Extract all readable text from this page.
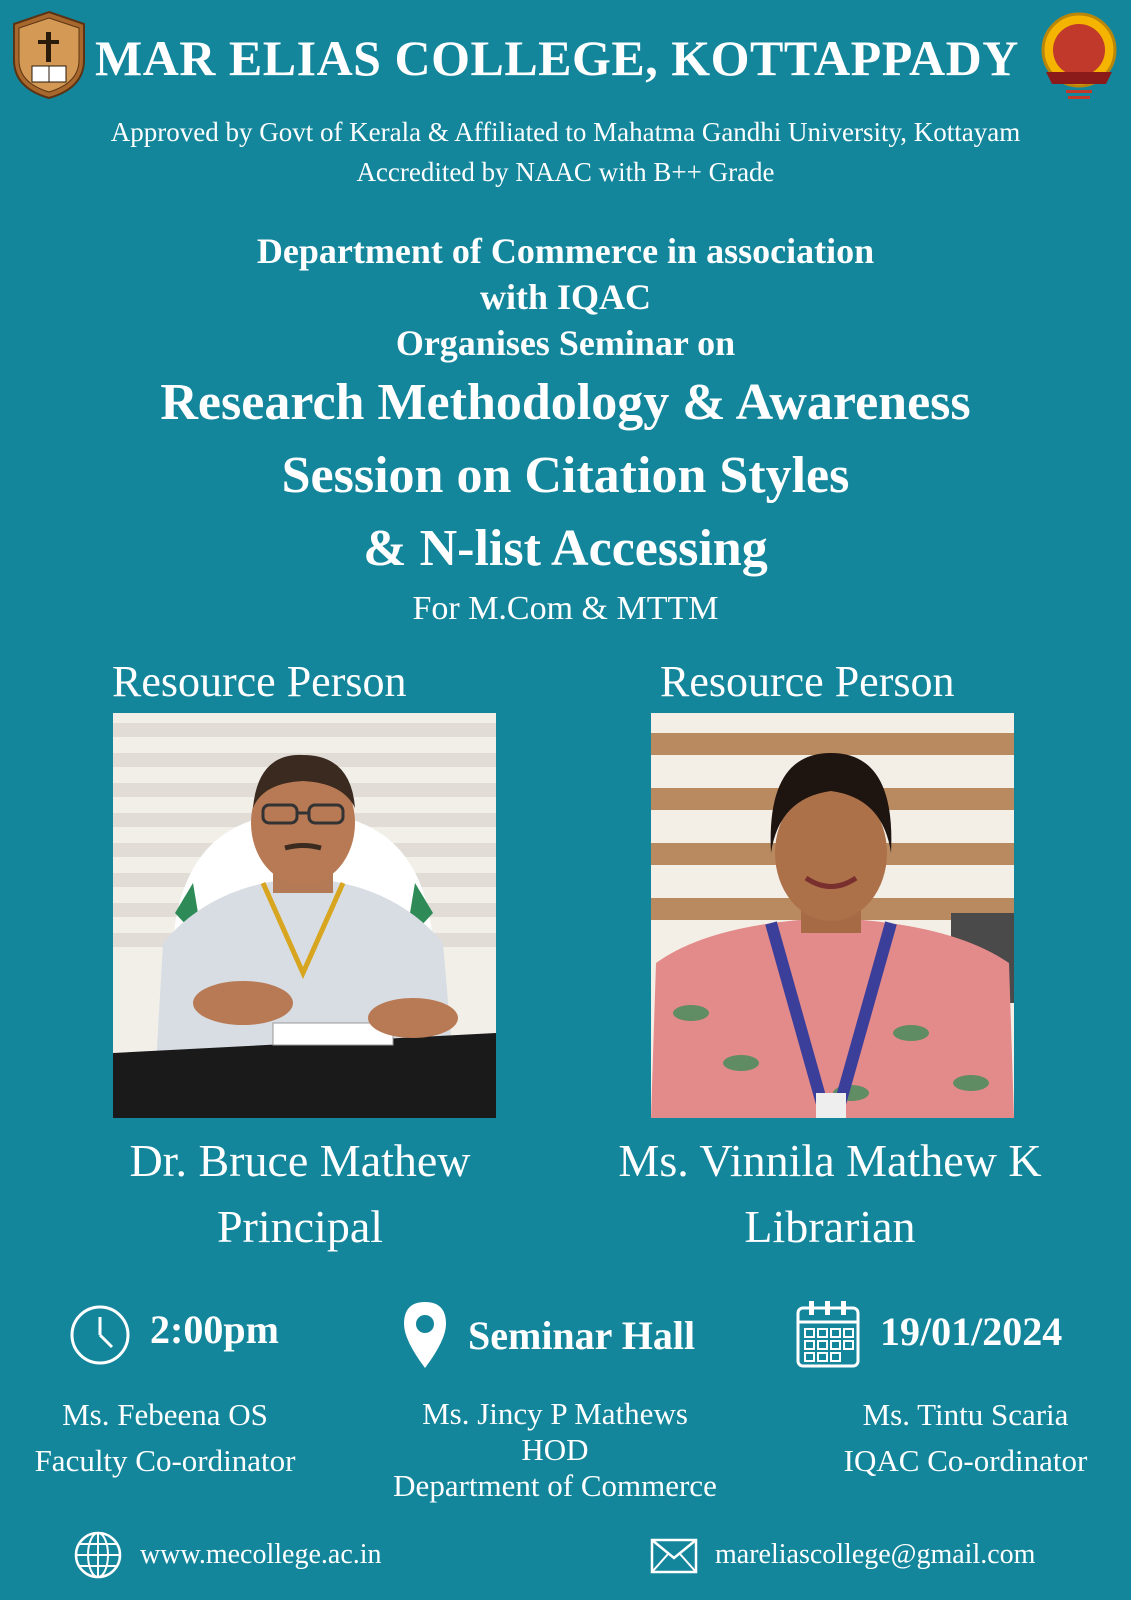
MAR ELIAS COLLEGE, KOTTAPPADY
Approved by Govt of Kerala & Affiliated to Mahatma Gandhi University, Kottayam
Accredited by NAAC with B++ Grade
Department of Commerce in association
with IQAC
Organises Seminar on
Research Methodology & Awareness
Session on Citation Styles
& N-list Accessing
For M.Com & MTTM
Resource Person	Resource Person
Dr. Bruce Mathew
Principal
Ms. Vinnila Mathew K
Librarian
2:00pm	Seminar Hall	19/01/2024
Ms. Febeena OS
Faculty Co-ordinator
Ms. Jincy P Mathews
HOD
Department of Commerce
Ms. Tintu Scaria
IQAC Co-ordinator
www.mecollege.ac.in	mareliascollege@gmail.com
